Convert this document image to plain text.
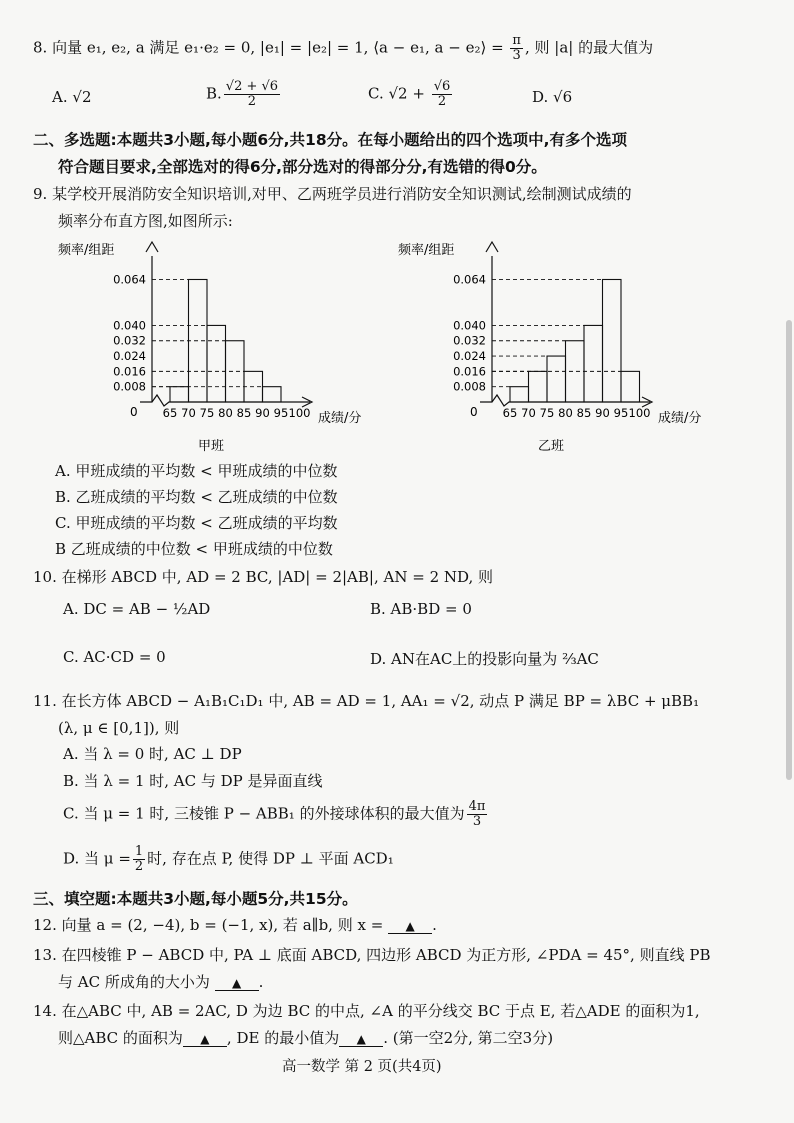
8. 向量 e₁, e₂, a 满足 e₁·e₂ = 0, |e₁| = |e₂| = 1, ⟨a − e₁, a − e₂⟩ = $\frac{\pi}{3}$ , 则 |a| 的最大值为
A. √2	B. $\frac{√2 + √6}{2}$	C. $√2 + \frac{√6}{2}$	D. √6
二、多选题:本题共3小题,每小题6分,共18分。在每小题给出的四个选项中,有多个选项
符合题目要求,全部选对的得6分,部分选对的得部分分,有选错的得0分。
9. 某学校开展消防安全知识培训,对甲、乙两班学员进行消防安全知识测试,绘制测试成绩的
频率分布直方图,如图所示:
频率/组距
成绩/分
0
甲班
0.064
0.040
0.032
0.024
0.016
0.008
65 70 75 80 85 90 95 100
频率/组距
成绩/分
0
乙班
0.064
0.040
0.032
0.024
0.016
0.008
65 70 75 80 85 90 95 100
A. 甲班成绩的平均数 < 甲班成绩的中位数
B. 乙班成绩的平均数 < 乙班成绩的中位数
C. 甲班成绩的平均数 < 乙班成绩的平均数
B 乙班成绩的中位数 < 甲班成绩的中位数
10. 在梯形 ABCD 中, AD = 2 BC, |AD| = 2|AB|, AN = 2 ND, 则
A. DC = AB − ½AD	B. AB·BD = 0
C. AC·CD = 0	D. AN在AC上的投影向量为 ⅔AC
11. 在长方体 ABCD − A₁B₁C₁D₁ 中, AB = AD = 1, AA₁ = √2, 动点 P 满足 BP = λBC + μBB₁
(λ, μ ∈ [0,1]), 则
A. 当 λ = 0 时, AC ⊥ DP
B. 当 λ = 1 时, AC 与 DP 是异面直线
C. 当 μ = 1 时, 三棱锥 P − ABB₁ 的外接球体积的最大值为 $\frac{4\pi}{3}$
D. 当 $\mu = \frac{1}{2}$ 时, 存在点 P, 使得 DP ⊥ 平面 ACD₁
三、填空题:本题共3小题,每小题5分,共15分。
12. 向量 a = (2, −4), b = (−1, x), 若 a∥b, 则 x = ▲ .
13. 在四棱锥 P − ABCD 中, PA ⊥ 底面 ABCD, 四边形 ABCD 为正方形, ∠PDA = 45°, 则直线 PB
与 AC 所成角的大小为 ▲ .
14. 在△ABC 中, AB = 2AC, D 为边 BC 的中点, ∠A 的平分线交 BC 于点 E, 若△ADE 的面积为1,
则△ABC 的面积为 ▲ , DE 的最小值为 ▲ . (第一空2分, 第二空3分)
高一数学 第 2 页(共4页)
